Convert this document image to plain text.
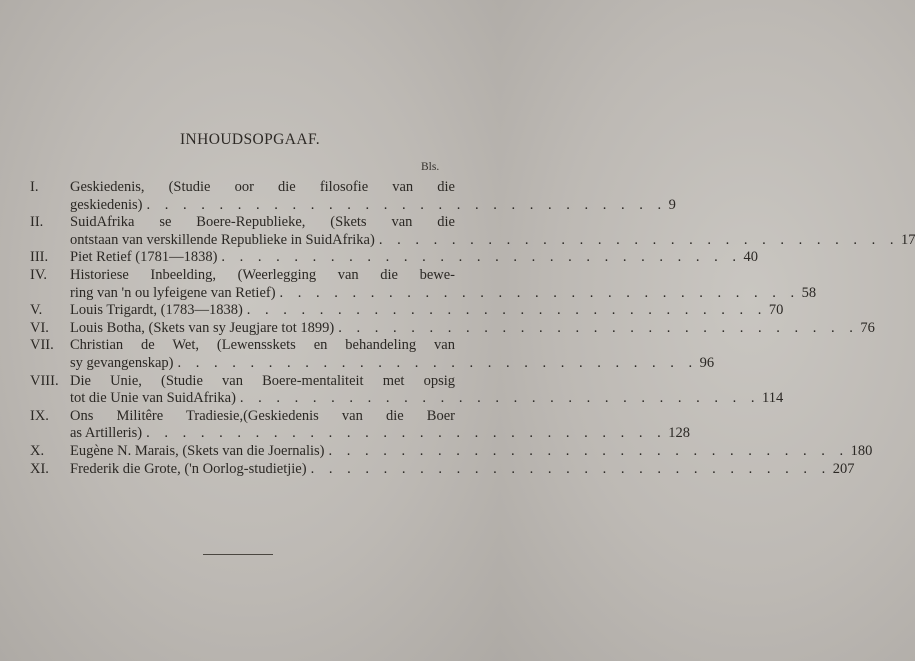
INHOUDSOPGAAF.
Bls.
I.	Geskiedenis, (Studie oor die filosofie van die
geskiedenis) . . . . . . . . . . . . . . . . . . . . . . . . . . . . . 9
II.	SuidAfrika se Boere-Republieke, (Skets van die
ontstaan van verskillende Republieke in SuidAfrika) . . . . . . . . . . . . . . . . . . . . . . . . . . . . . 17
III.	Piet Retief (1781—1838) . . . . . . . . . . . . . . . . . . . . . . . . . . . . . 40
IV.	Historiese Inbeelding, (Weerlegging van die bewe-
ring van 'n ou lyfeigene van Retief) . . . . . . . . . . . . . . . . . . . . . . . . . . . . . 58
V.	Louis Trigardt, (1783—1838) . . . . . . . . . . . . . . . . . . . . . . . . . . . . . 70
VI.	Louis Botha, (Skets van sy Jeugjare tot 1899) . . . . . . . . . . . . . . . . . . . . . . . . . . . . . 76
VII.	Christian de Wet, (Lewensskets en behandeling van
sy gevangenskap) . . . . . . . . . . . . . . . . . . . . . . . . . . . . . 96
VIII. Die Unie, (Studie van Boere-mentaliteit met opsig
tot die Unie van SuidAfrika) . . . . . . . . . . . . . . . . . . . . . . . . . . . . . 114
IX.	Ons Militêre Tradiesie,(Geskiedenis van die Boer
as Artilleris) . . . . . . . . . . . . . . . . . . . . . . . . . . . . . 128
X.	Eugène N. Marais, (Skets van die Joernalis) . . . . . . . . . . . . . . . . . . . . . . . . . . . . . 180
XI.	Frederik die Grote, ('n Oorlog-studietjie) . . . . . . . . . . . . . . . . . . . . . . . . . . . . . 207
